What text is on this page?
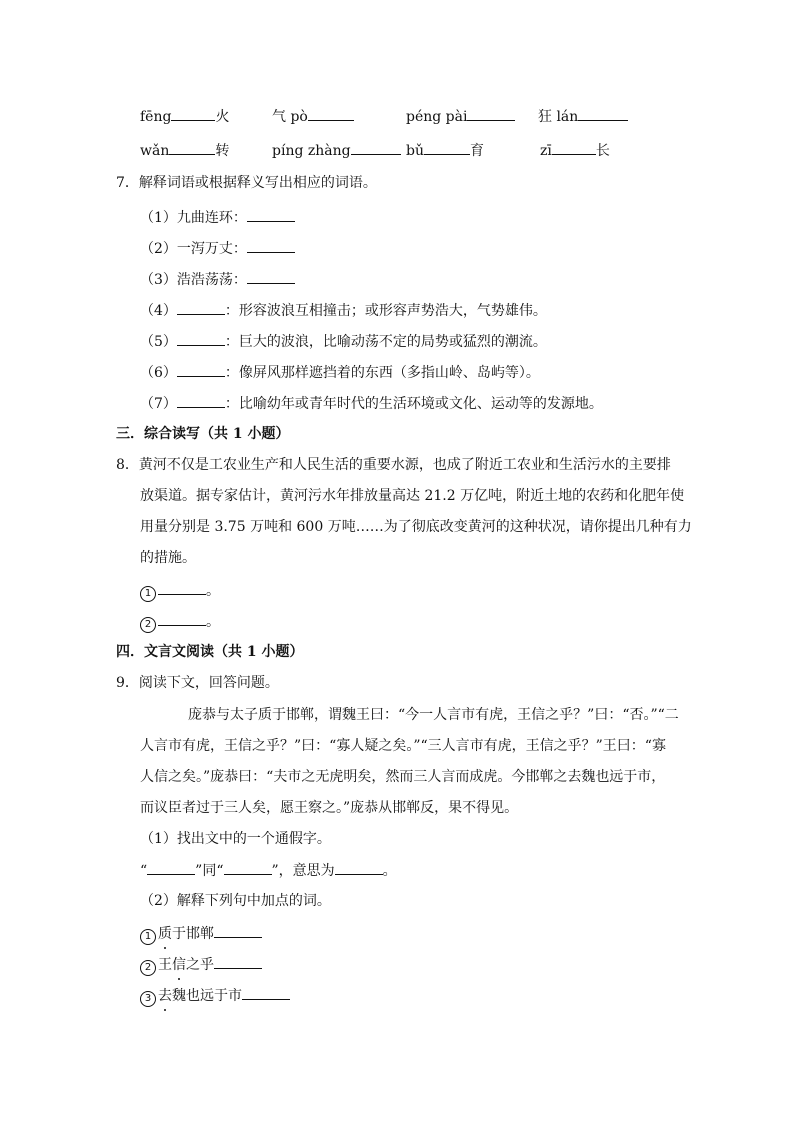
fēng	火	气 pò	péng pài	狂 lán
wǎn	转	píng zhàng	bǔ	育	zī	长
7．解释词语或根据释义写出相应的词语。
（1）九曲连环：
（2）一泻万丈：
（3）浩浩荡荡：
（4）	：形容波浪互相撞击；或形容声势浩大，气势雄伟。
（5）	：巨大的波浪，比喻动荡不定的局势或猛烈的潮流。
（6）	：像屏风那样遮挡着的东西（多指山岭、岛屿等）。
（7）	：比喻幼年或青年时代的生活环境或文化、运动等的发源地。
三．综合读写（共 1 小题）
8．黄河不仅是工农业生产和人民生活的重要水源，也成了附近工农业和生活污水的主要排
放渠道。据专家估计，黄河污水年排放量高达 21.2 万亿吨，附近土地的农药和化肥年使
用量分别是 3.75 万吨和 600 万吨……为了彻底改变黄河的这种状况，请你提出几种有力
的措施。
1	。
2	。
四．文言文阅读（共 1 小题）
9．阅读下文，回答问题。
庞恭与太子质于邯郸，谓魏王曰：“今一人言市有虎，王信之乎？”曰：“否。”“二
人言市有虎，王信之乎？”曰：“寡人疑之矣。”“三人言市有虎，王信之乎？”王曰：“寡
人信之矣。”庞恭曰：“夫市之无虎明矣，然而三人言而成虎。今邯郸之去魏也远于市，
而议臣者过于三人矣，愿王察之。”庞恭从邯郸反，果不得见。
（1）找出文中的一个通假字。
“	”同“	”，意思为	。
（2）解释下列句中加点的词。
1 质于邯郸
2 王信之乎
3 去魏也远于市
